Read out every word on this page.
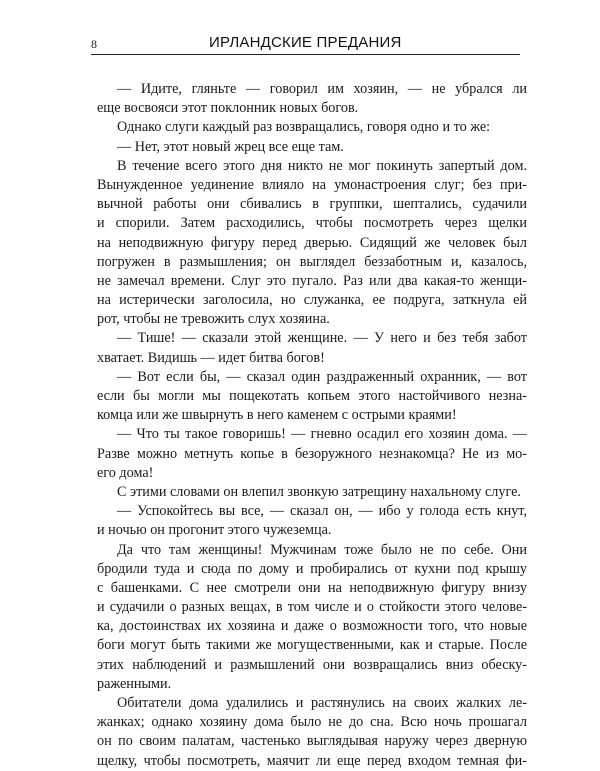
8	ИРЛАНДСКИЕ ПРЕДАНИЯ
— Идите, гляньте — говорил им хозяин, — не убрался ли
еще восвояси этот поклонник новых богов.
Однако слуги каждый раз возвращались, говоря одно и то же:
— Нет, этот новый жрец все еще там.
В течение всего этого дня никто не мог покинуть запертый дом.
Вынужденное уединение влияло на умонастроения слуг; без при-
вычной работы они сбивались в группки, шептались, судачили
и спорили. Затем расходились, чтобы посмотреть через щелки
на неподвижную фигуру перед дверью. Сидящий же человек был
погружен в размышления; он выглядел беззаботным и, казалось,
не замечал времени. Слуг это пугало. Раз или два какая-то женщи-
на истерически заголосила, но служанка, ее подруга, заткнула ей
рот, чтобы не тревожить слух хозяина.
— Тише! — сказали этой женщине. — У него и без тебя забот
хватает. Видишь — идет битва богов!
— Вот если бы, — сказал один раздраженный охранник, — вот
если бы могли мы пощекотать копьем этого настойчивого незна-
комца или же швырнуть в него каменем с острыми краями!
— Что ты такое говоришь! — гневно осадил его хозяин дома. —
Разве можно метнуть копье в безоружного незнакомца? Не из мо-
его дома!
С этими словами он влепил звонкую затрещину нахальному слуге.
— Успокойтесь вы все, — сказал он, — ибо у голода есть кнут,
и ночью он прогонит этого чужеземца.
Да что там женщины! Мужчинам тоже было не по себе. Они
бродили туда и сюда по дому и пробирались от кухни под крышу
с башенками. С нее смотрели они на неподвижную фигуру внизу
и судачили о разных вещах, в том числе и о стойкости этого челове-
ка, достоинствах их хозяина и даже о возможности того, что новые
боги могут быть такими же могущественными, как и старые. После
этих наблюдений и размышлений они возвращались вниз обеску-
раженными.
Обитатели дома удалились и растянулись на своих жалких ле-
жанках; однако хозяину дома было не до сна. Всю ночь прошагал
он по своим палатам, частенько выглядывая наружу через дверную
щелку, чтобы посмотреть, маячит ли еще перед входом темная фи-
